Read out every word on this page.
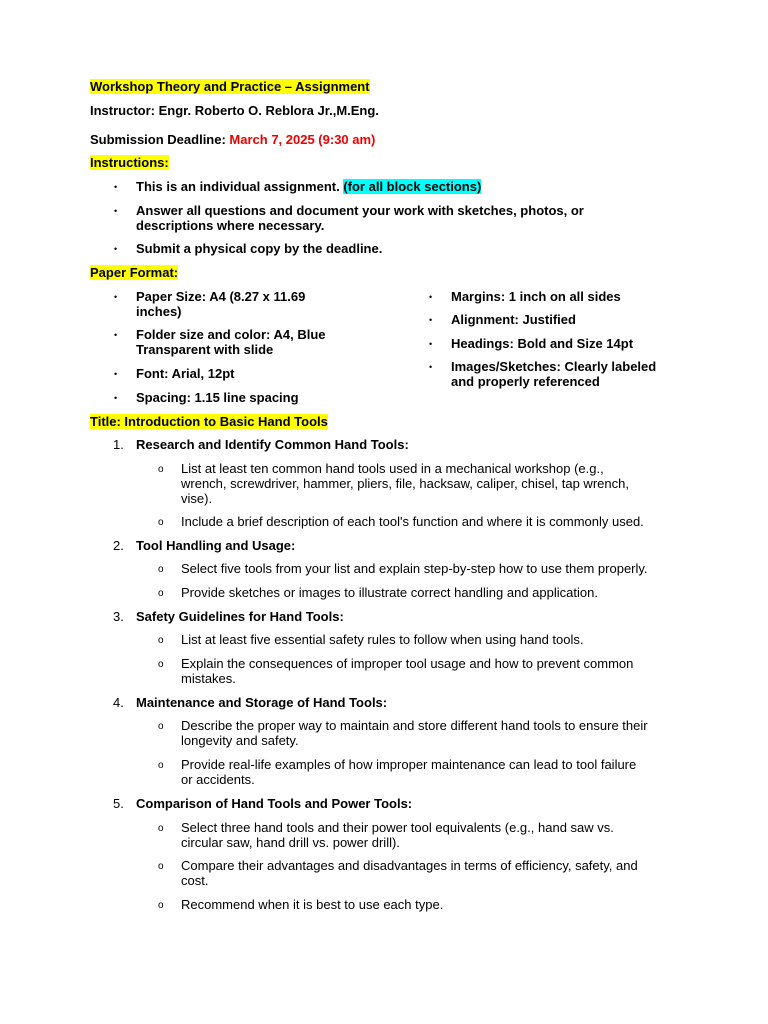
Workshop Theory and Practice – Assignment
Instructor: Engr. Roberto O. Reblora Jr.,M.Eng.
Submission Deadline: March 7, 2025 (9:30 am)
Instructions:
• This is an individual assignment. (for all block sections)
• Answer all questions and document your work with sketches, photos, or
descriptions where necessary.
• Submit a physical copy by the deadline.
Paper Format:
• Paper Size: A4 (8.27 x 11.69
inches)
• Folder size and color: A4, Blue
Transparent with slide
• Font: Arial, 12pt
• Spacing: 1.15 line spacing
• Margins: 1 inch on all sides
• Alignment: Justified
• Headings: Bold and Size 14pt
• Images/Sketches: Clearly labeled
and properly referenced
Title: Introduction to Basic Hand Tools
1. Research and Identify Common Hand Tools:
o List at least ten common hand tools used in a mechanical workshop (e.g.,
wrench, screwdriver, hammer, pliers, file, hacksaw, caliper, chisel, tap wrench,
vise).
o Include a brief description of each tool's function and where it is commonly used.
2. Tool Handling and Usage:
o Select five tools from your list and explain step-by-step how to use them properly.
o Provide sketches or images to illustrate correct handling and application.
3. Safety Guidelines for Hand Tools:
o List at least five essential safety rules to follow when using hand tools.
o Explain the consequences of improper tool usage and how to prevent common
mistakes.
4. Maintenance and Storage of Hand Tools:
o Describe the proper way to maintain and store different hand tools to ensure their
longevity and safety.
o Provide real-life examples of how improper maintenance can lead to tool failure
or accidents.
5. Comparison of Hand Tools and Power Tools:
o Select three hand tools and their power tool equivalents (e.g., hand saw vs.
circular saw, hand drill vs. power drill).
o Compare their advantages and disadvantages in terms of efficiency, safety, and
cost.
o Recommend when it is best to use each type.
